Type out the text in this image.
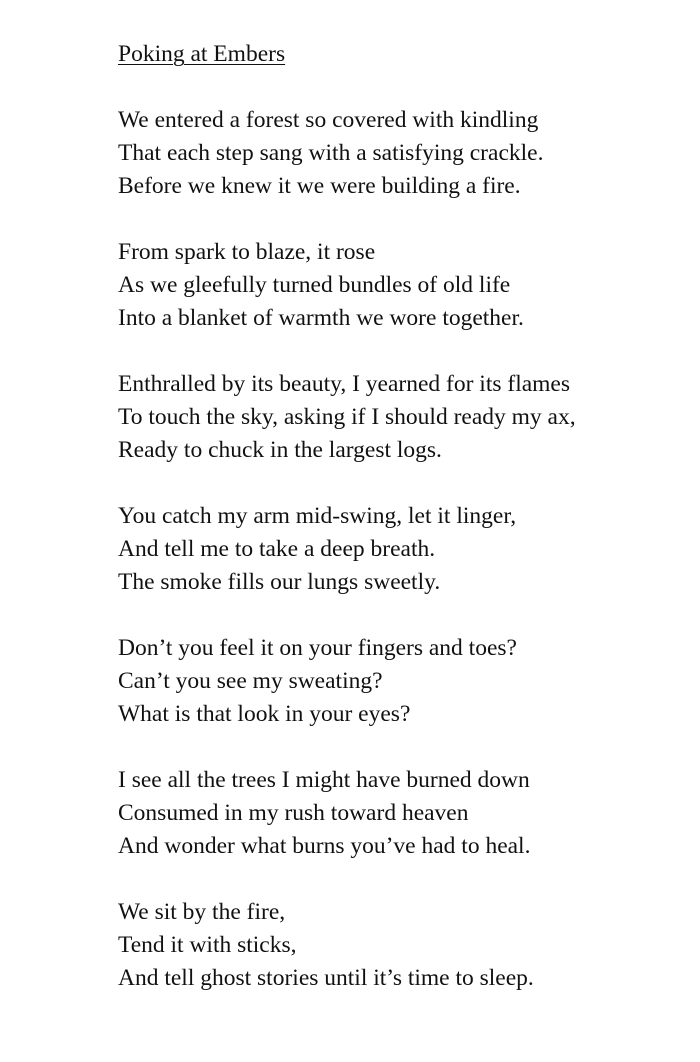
Poking at Embers
We entered a forest so covered with kindling
That each step sang with a satisfying crackle.
Before we knew it we were building a fire.
From spark to blaze, it rose
As we gleefully turned bundles of old life
Into a blanket of warmth we wore together.
Enthralled by its beauty, I yearned for its flames
To touch the sky, asking if I should ready my ax,
Ready to chuck in the largest logs.
You catch my arm mid-swing, let it linger,
And tell me to take a deep breath.
The smoke fills our lungs sweetly.
Don’t you feel it on your fingers and toes?
Can’t you see my sweating?
What is that look in your eyes?
I see all the trees I might have burned down
Consumed in my rush toward heaven
And wonder what burns you’ve had to heal.
We sit by the fire,
Tend it with sticks,
And tell ghost stories until it’s time to sleep.
